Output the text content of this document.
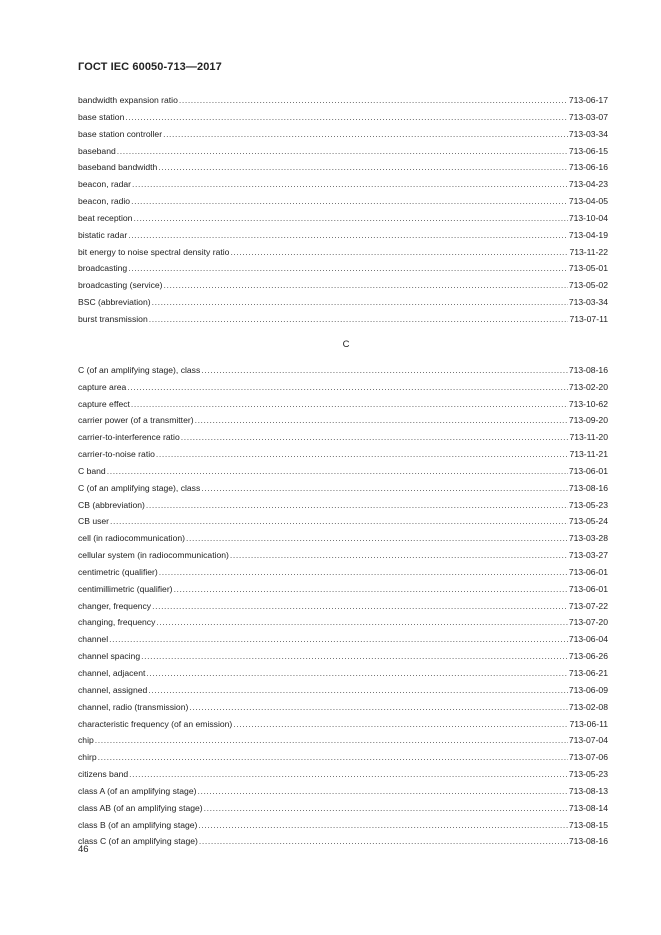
ГОСТ IEC 60050-713—2017
bandwidth expansion ratio .....	713-06-17
base station .....	713-03-07
base station controller .....	713-03-34
baseband .....	713-06-15
baseband bandwidth .....	713-06-16
beacon, radar .....	713-04-23
beacon, radio .....	713-04-05
beat reception .....	713-10-04
bistatic radar .....	713-04-19
bit energy to noise spectral density ratio .....	713-11-22
broadcasting .....	713-05-01
broadcasting (service) .....	713-05-02
BSC (abbreviation) .....	713-03-34
burst transmission .....	713-07-11
C
C (of an amplifying stage), class .....	713-08-16
capture area .....	713-02-20
capture effect .....	713-10-62
carrier power (of a transmitter) .....	713-09-20
carrier-to-interference ratio .....	713-11-20
carrier-to-noise ratio .....	713-11-21
C band .....	713-06-01
C (of an amplifying stage), class .....	713-08-16
CB (abbreviation) .....	713-05-23
CB user .....	713-05-24
cell (in radiocommunication) .....	713-03-28
cellular system (in radiocommunication) .....	713-03-27
centimetric (qualifier) .....	713-06-01
centimillimetric (qualifier) .....	713-06-01
changer, frequency .....	713-07-22
changing, frequency .....	713-07-20
channel .....	713-06-04
channel spacing .....	713-06-26
channel, adjacent .....	713-06-21
channel, assigned .....	713-06-09
channel, radio (transmission) .....	713-02-08
characteristic frequency (of an emission) .....	713-06-11
chip .....	713-07-04
chirp .....	713-07-06
citizens band .....	713-05-23
class A (of an amplifying stage) .....	713-08-13
class AB (of an amplifying stage) .....	713-08-14
class B (of an amplifying stage) .....	713-08-15
class C (of an amplifying stage) .....	713-08-16
46
